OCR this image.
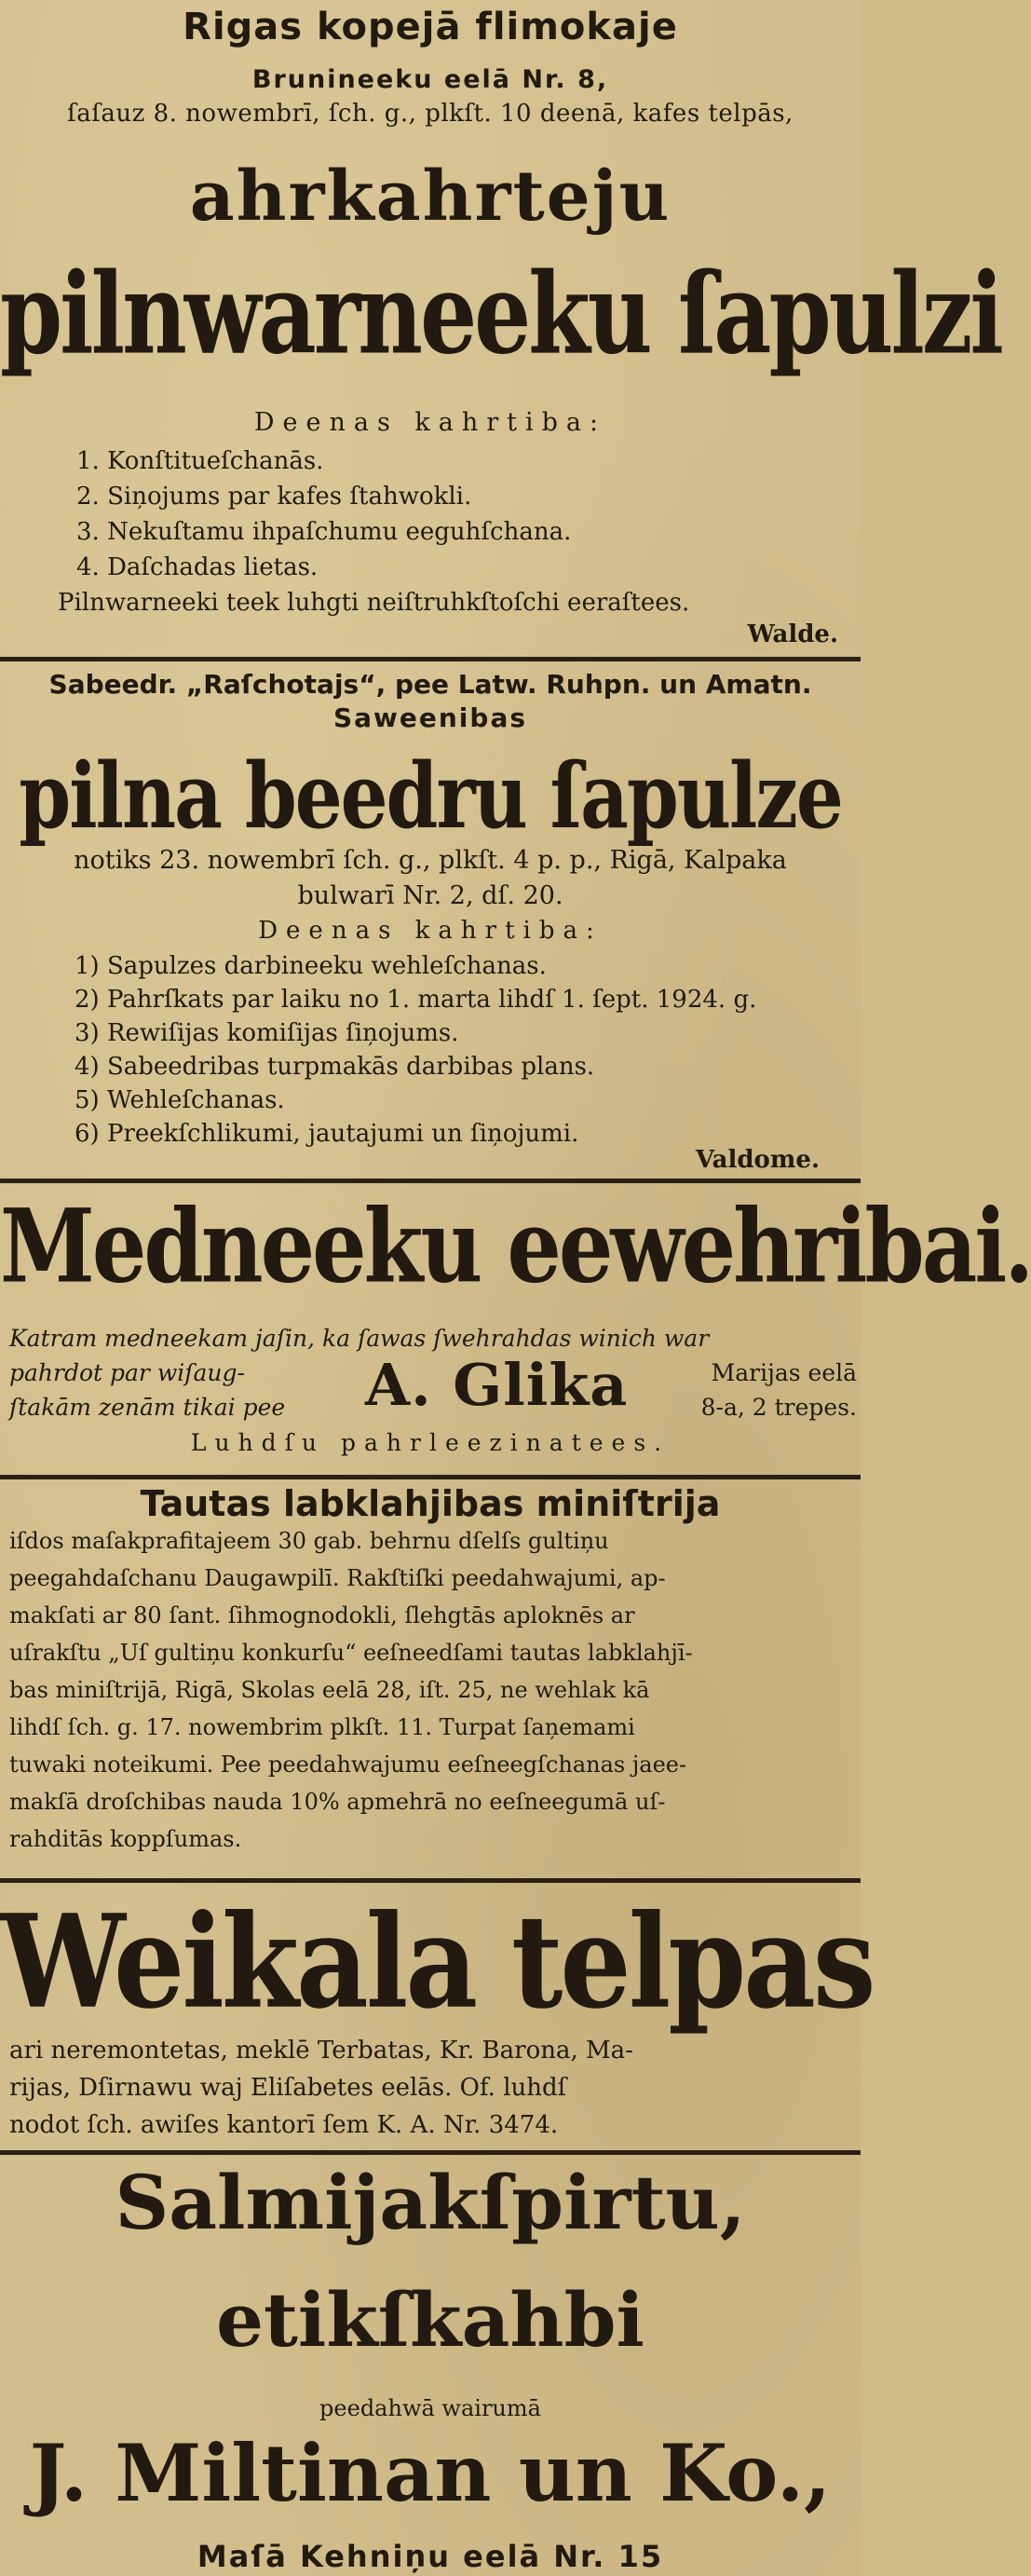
Rigas kopejā flimokaje
Brunineeku eelā Nr. 8,
ſaſauz 8. nowembrī, ſch. g., plkſt. 10 deenā, kafes telpās,
ahrkahrteju
pilnwarneeku ſapulzi
Deenas kahrtiba:
1. Konſtitueſchanās.
2. Siņojums par kafes ſtahwokli.
3. Nekuſtamu ihpaſchumu eeguhſchana.
4. Daſchadas lietas.
Pilnwarneeki teek luhgti neiſtruhkſtoſchi eeraſtees.
Walde.
Sabeedr. „Raſchotajs“, pee Latw. Ruhpn. un Amatn.
Saweenibas
pilna beedru ſapulze
notiks 23. nowembrī ſch. g., plkſt. 4 p. p., Rigā, Kalpaka
bulwarī Nr. 2, dſ. 20.
Deenas kahrtiba:
1) Sapulzes darbineeku wehleſchanas.
2) Pahrſkats par laiku no 1. marta lihdſ 1. ſept. 1924. g.
3) Rewiſijas komiſijas ſiņojums.
4) Sabeedribas turpmakās darbibas plans.
5) Wehleſchanas.
6) Preekſchlikumi, jautajumi un ſiņojumi.
Valdome.
Medneeku eewehribai.
Katram medneekam jaſin, ka ſawas ſwehrahdas winich war
pahrdot par wiſaug-
ſtakām zenām tikai pee	A. Glika	Marijas eelā
8-a, 2 trepes.
Luhdſu pahrleezinatees.
Tautas labklahjibas miniſtrija
iſdos maſakprafitajeem 30 gab. behrnu dſelſs gultiņu
peegahdaſchanu Daugawpilī. Rakſtiſki peedahwajumi, ap-
makſati ar 80 ſant. ſihmognodokli, ſlehgtās aploknēs ar
uſrakſtu „Uſ gultiņu konkurſu“ eeſneedſami tautas labklahjī-
bas miniſtrijā, Rigā, Skolas eelā 28, iſt. 25, ne wehlak kā
lihdſ ſch. g. 17. nowembrim plkſt. 11. Turpat ſaņemami
tuwaki noteikumi. Pee peedahwajumu eeſneegſchanas jaee-
makſā droſchibas nauda 10% apmehrā no eeſneegumā uſ-
rahditās koppſumas.
Weikala telpas
ari neremontetas, meklē Terbatas, Kr. Barona, Ma-
rijas, Dſirnawu waj Eliſabetes eelās. Of. luhdſ
nodot ſch. awiſes kantorī ſem K. A. Nr. 3474.
Salmijakſpirtu,
etikſkahbi
peedahwā wairumā
J. Miltinan un Ko.,
Maſā Kehniņu eelā Nr. 15
